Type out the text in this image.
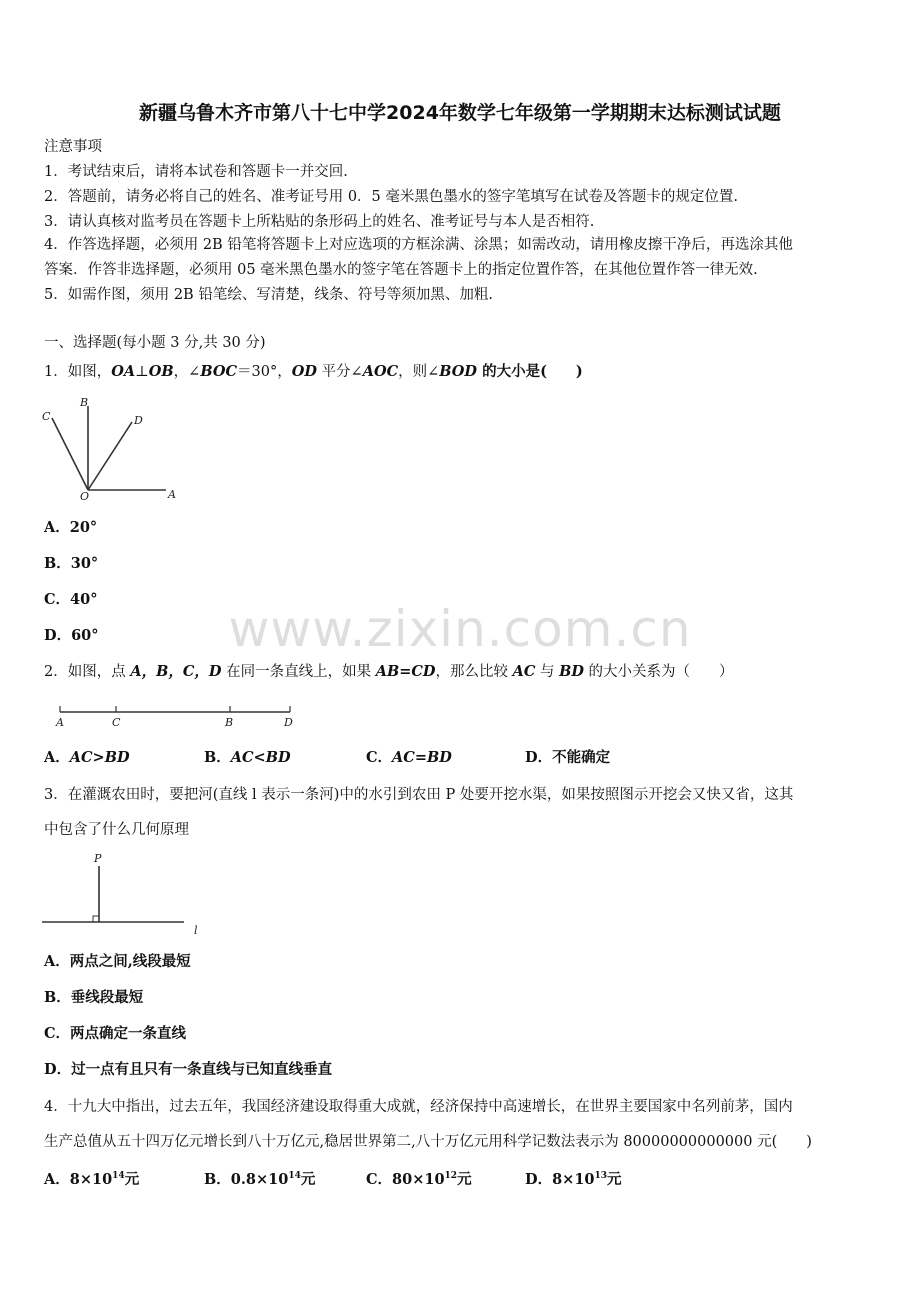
新疆乌鲁木齐市第八十七中学2024年数学七年级第一学期期末达标测试试题
注意事项
1．考试结束后，请将本试卷和答题卡一并交回.
2．答题前，请务必将自己的姓名、准考证号用 0．5 毫米黑色墨水的签字笔填写在试卷及答题卡的规定位置.
3．请认真核对监考员在答题卡上所粘贴的条形码上的姓名、准考证号与本人是否相符.
4．作答选择题，必须用 2B 铅笔将答题卡上对应选项的方框涂满、涂黑；如需改动，请用橡皮擦干净后，再选涂其他
答案．作答非选择题，必须用 05 毫米黑色墨水的签字笔在答题卡上的指定位置作答，在其他位置作答一律无效.
5．如需作图，须用 2B 铅笔绘、写清楚，线条、符号等须加黑、加粗.
一、选择题(每小题 3 分,共 30 分)
1．如图，OA⊥OB，∠BOC＝30°，OD 平分∠AOC，则∠BOD 的大小是(　　)
C
B
D
O	A
A．20°
B．30°
C．40°
D．60°	www.zixin.com.cn
2．如图，点 A，B，C，D 在同一条直线上，如果 AB=CD，那么比较 AC 与 BD 的大小关系为（　　）
A	C	B	D
A．AC>BD	B．AC<BD	C．AC=BD	D．不能确定
3．在灌溉农田时，要把河(直线 l 表示一条河)中的水引到农田 P 处要开挖水渠，如果按照图示开挖会又快又省，这其
中包含了什么几何原理
P
l
A．两点之间,线段最短
B．垂线段最短
C．两点确定一条直线
D．过一点有且只有一条直线与已知直线垂直
4．十九大中指出，过去五年，我国经济建设取得重大成就，经济保持中高速增长，在世界主要国家中名列前茅，国内
生产总值从五十四万亿元增长到八十万亿元,稳居世界第二,八十万亿元用科学记数法表示为 80000000000000 元(　　)
A．$8\times 10^{14}$元	B．$0.8\times 10^{14}$元	C．$80\times 10^{12}$元	D．$8\times 10^{13}$元
